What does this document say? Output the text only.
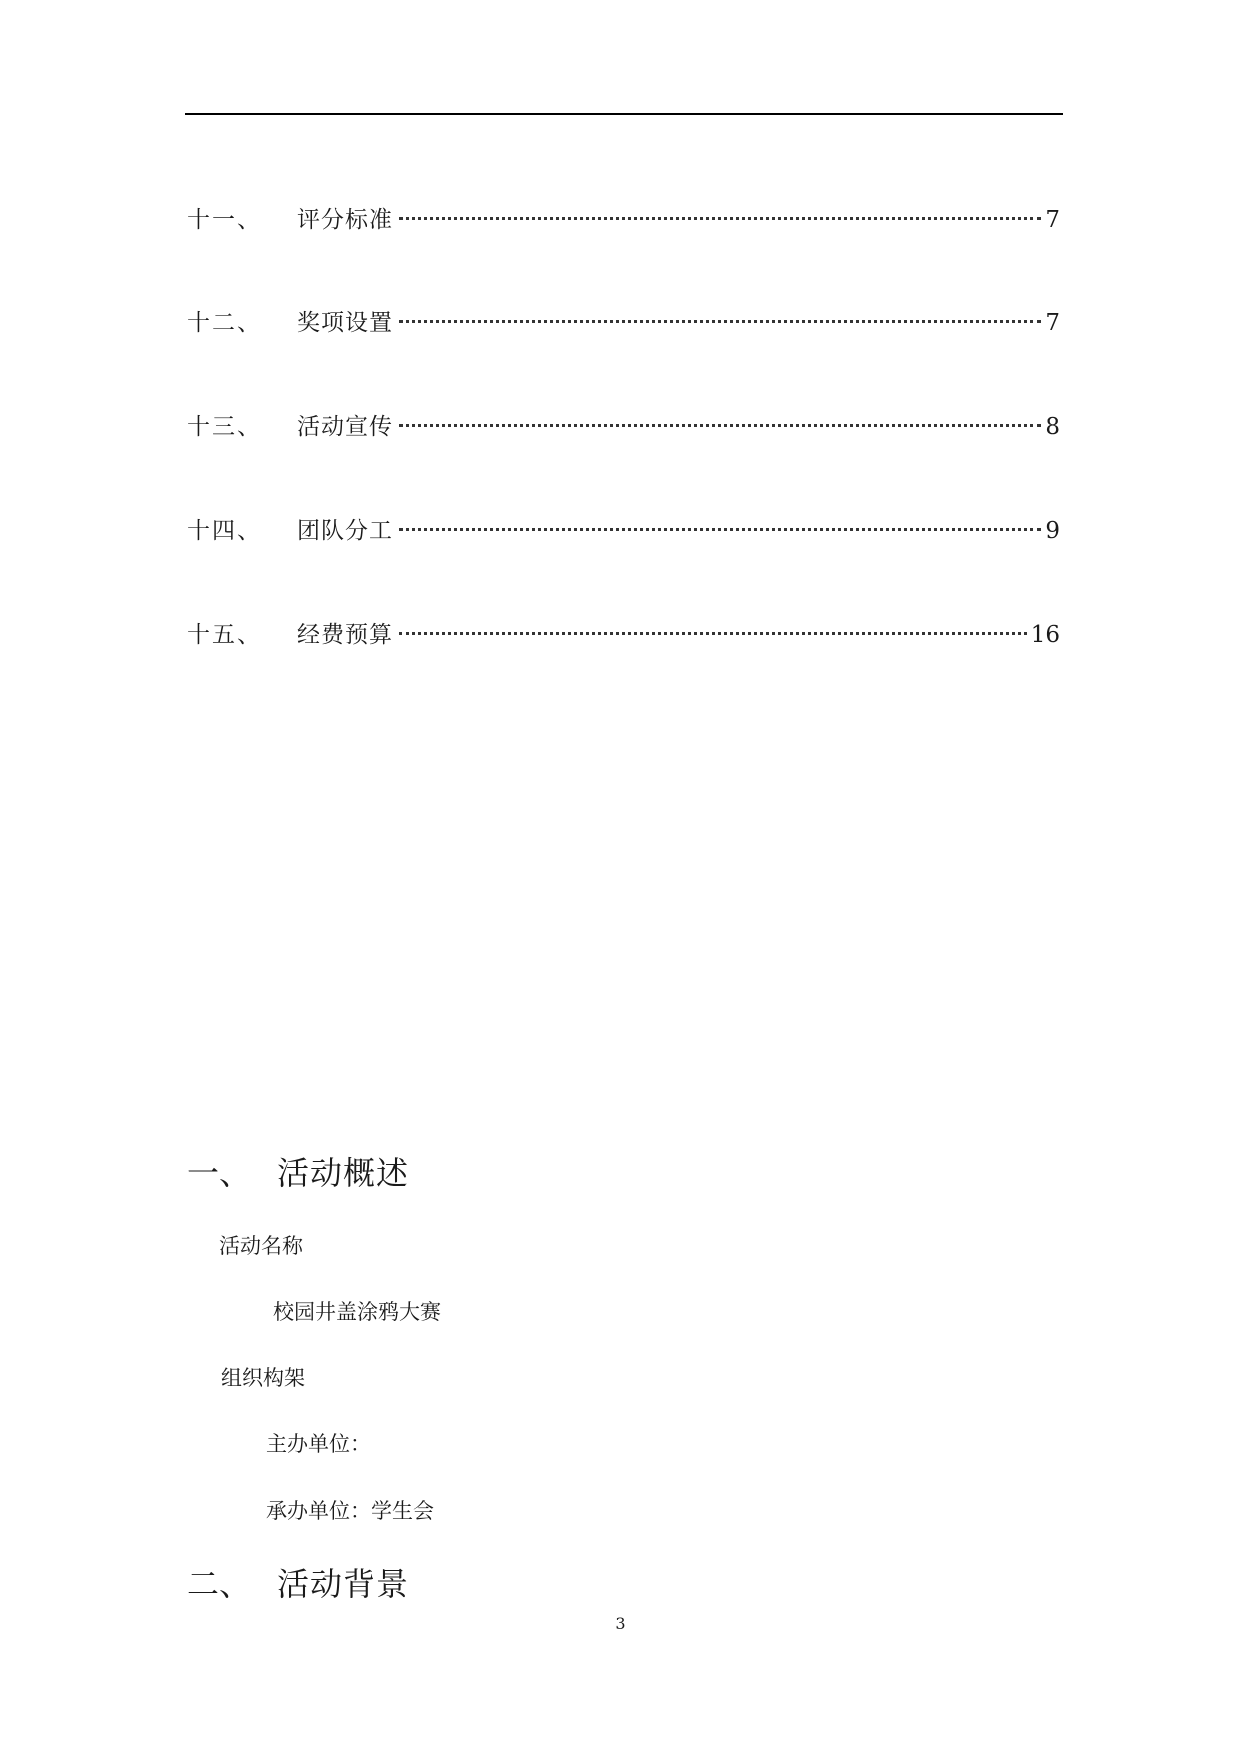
十一、	评分标准	7
十二、	奖项设置	7
十三、	活动宣传	8
十四、	团队分工	9
十五、	经费预算	16
一、 活动概述
活动名称
校园井盖涂鸦大赛
组织构架
主办单位：
承办单位：学生会
二、 活动背景
3
